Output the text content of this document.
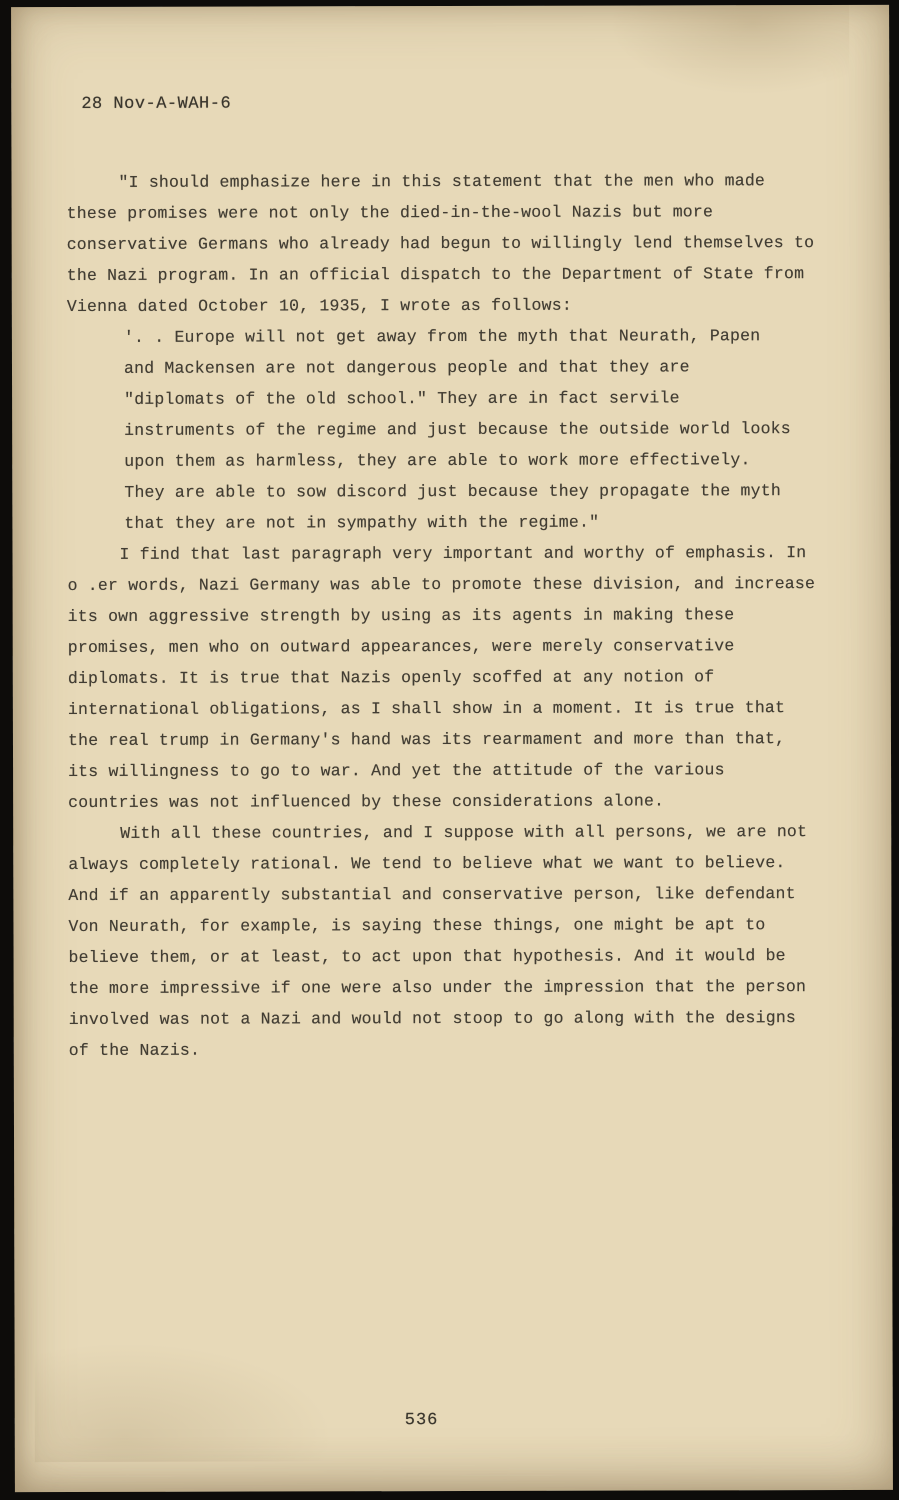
28 Nov-A-WAH-6

"I should emphasize here in this statement that the men who made these promises were not only the died-in-the-wool Nazis but more conservative Germans who already had begun to willingly lend themselves to the Nazi program. In an official dispatch to the Department of State from Vienna dated October 10, 1935, I wrote as follows:

'. . Europe will not get away from the myth that Neurath, Papen and Mackensen are not dangerous people and that they are "diplomats of the old school." They are in fact servile instruments of the regime and just because the outside world looks upon them as harmless, they are able to work more effectively. They are able to sow discord just because they propagate the myth that they are not in sympathy with the regime."

I find that last paragraph very important and worthy of emphasis. In o .er words, Nazi Germany was able to promote these division, and increase its own aggressive strength by using as its agents in making these promises, men who on outward appearances, were merely conservative diplomats. It is true that Nazis openly scoffed at any notion of international obligations, as I shall show in a moment. It is true that the real trump in Germany's hand was its rearmament and more than that, its willingness to go to war. And yet the attitude of the various countries was not influenced by these considerations alone.

With all these countries, and I suppose with all persons, we are not always completely rational. We tend to believe what we want to believe. And if an apparently substantial and conservative person, like defendant Von Neurath, for example, is saying these things, one might be apt to believe them, or at least, to act upon that hypothesis. And it would be the more impressive if one were also under the impression that the person involved was not a Nazi and would not stoop to go along with the designs of the Nazis.

536
